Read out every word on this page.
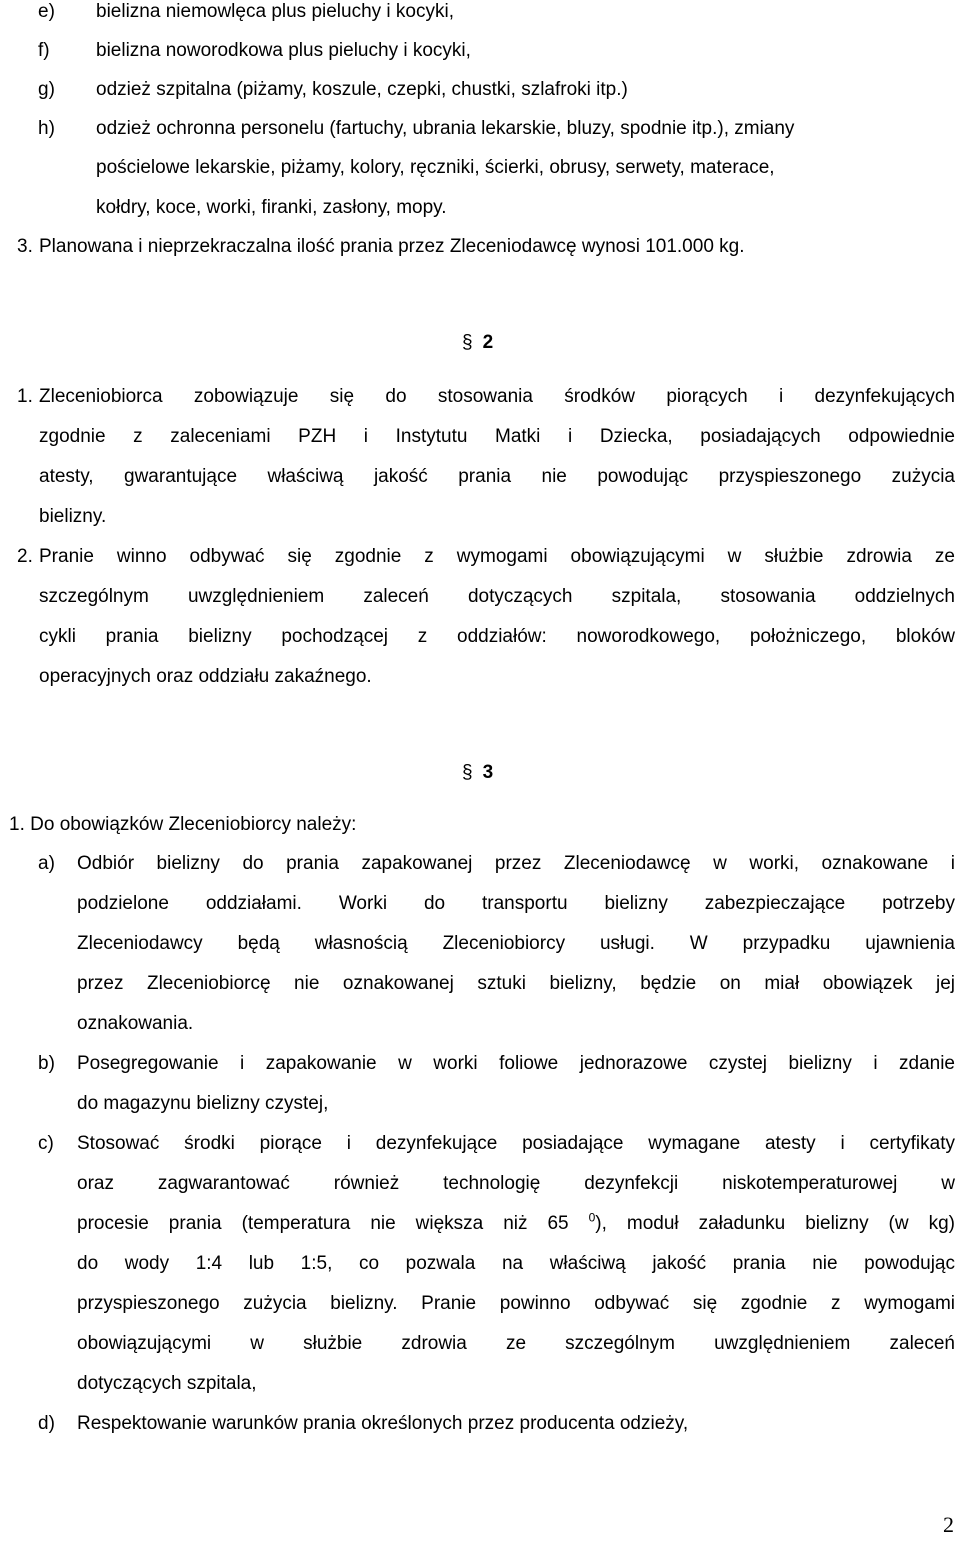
e) bielizna niemowlęca plus pieluchy i kocyki,
f) bielizna noworodkowa plus pieluchy i kocyki,
g) odzież szpitalna (piżamy, koszule, czepki, chustki, szlafroki itp.)
h) odzież ochronna personelu (fartuchy, ubrania lekarskie, bluzy, spodnie itp.), zmiany
pościelowe lekarskie, piżamy, kolory, ręczniki, ścierki, obrusy, serwety, materace,
kołdry, koce, worki, firanki, zasłony, mopy.
3. Planowana i nieprzekraczalna ilość prania przez Zleceniodawcę wynosi 101.000 kg.
§ 2
1. Zleceniobiorca zobowiązuje się do stosowania środków piorących i dezynfekujących
zgodnie z zaleceniami PZH i Instytutu Matki i Dziecka, posiadających odpowiednie
atesty, gwarantujące właściwą jakość prania nie powodując przyspieszonego zużycia
bielizny.
2. Pranie winno odbywać się zgodnie z wymogami obowiązującymi w służbie zdrowia ze
szczególnym uwzględnieniem zaleceń dotyczących szpitala, stosowania oddzielnych
cykli prania bielizny pochodzącej z oddziałów: noworodkowego, położniczego, bloków
operacyjnych oraz oddziału zakaźnego.
§ 3
1. Do obowiązków Zleceniobiorcy należy:
a) Odbiór bielizny do prania zapakowanej przez Zleceniodawcę w worki, oznakowane i
podzielone oddziałami. Worki do transportu bielizny zabezpieczające potrzeby
Zleceniodawcy będą własnością Zleceniobiorcy usługi. W przypadku ujawnienia
przez Zleceniobiorcę nie oznakowanej sztuki bielizny, będzie on miał obowiązek jej
oznakowania.
b) Posegregowanie i zapakowanie w worki foliowe jednorazowe czystej bielizny i zdanie
do magazynu bielizny czystej,
c) Stosować środki piorące i dezynfekujące posiadające wymagane atesty i certyfikaty
oraz zagwarantować również technologię dezynfekcji niskotemperaturowej w
procesie prania (temperatura nie większa niż 65 $^0$), moduł załadunku bielizny (w kg)
do wody 1:4 lub 1:5, co pozwala na właściwą jakość prania nie powodując
przyspieszonego zużycia bielizny. Pranie powinno odbywać się zgodnie z wymogami
obowiązującymi w służbie zdrowia ze szczególnym uwzględnieniem zaleceń
dotyczących szpitala,
d) Respektowanie warunków prania określonych przez producenta odzieży,
2
